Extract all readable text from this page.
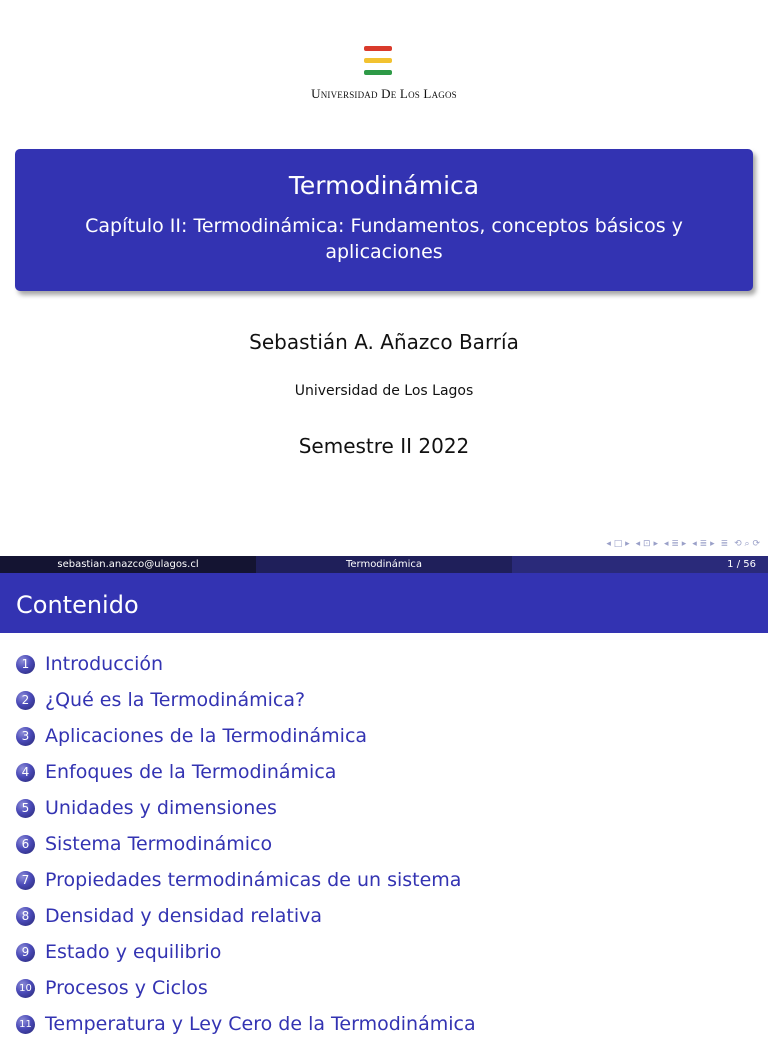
Universidad De Los Lagos
Termodinámica
Capítulo II: Termodinámica: Fundamentos, conceptos básicos y aplicaciones
Sebastián A. Añazco Barría
Universidad de Los Lagos
Semestre II 2022
◂ □ ▸ ◂ ⊡ ▸ ◂ ≣ ▸ ◂ ≣ ▸ ≣ ⟲ ⌕ ⟳
sebastian.anazco@ulagos.cl	Termodinámica	1 / 56
Contenido
1 Introducción
2 ¿Qué es la Termodinámica?
3 Aplicaciones de la Termodinámica
4 Enfoques de la Termodinámica
5 Unidades y dimensiones
6 Sistema Termodinámico
7 Propiedades termodinámicas de un sistema
8 Densidad y densidad relativa
9 Estado y equilibrio
10 Procesos y Ciclos
11 Temperatura y Ley Cero de la Termodinámica
